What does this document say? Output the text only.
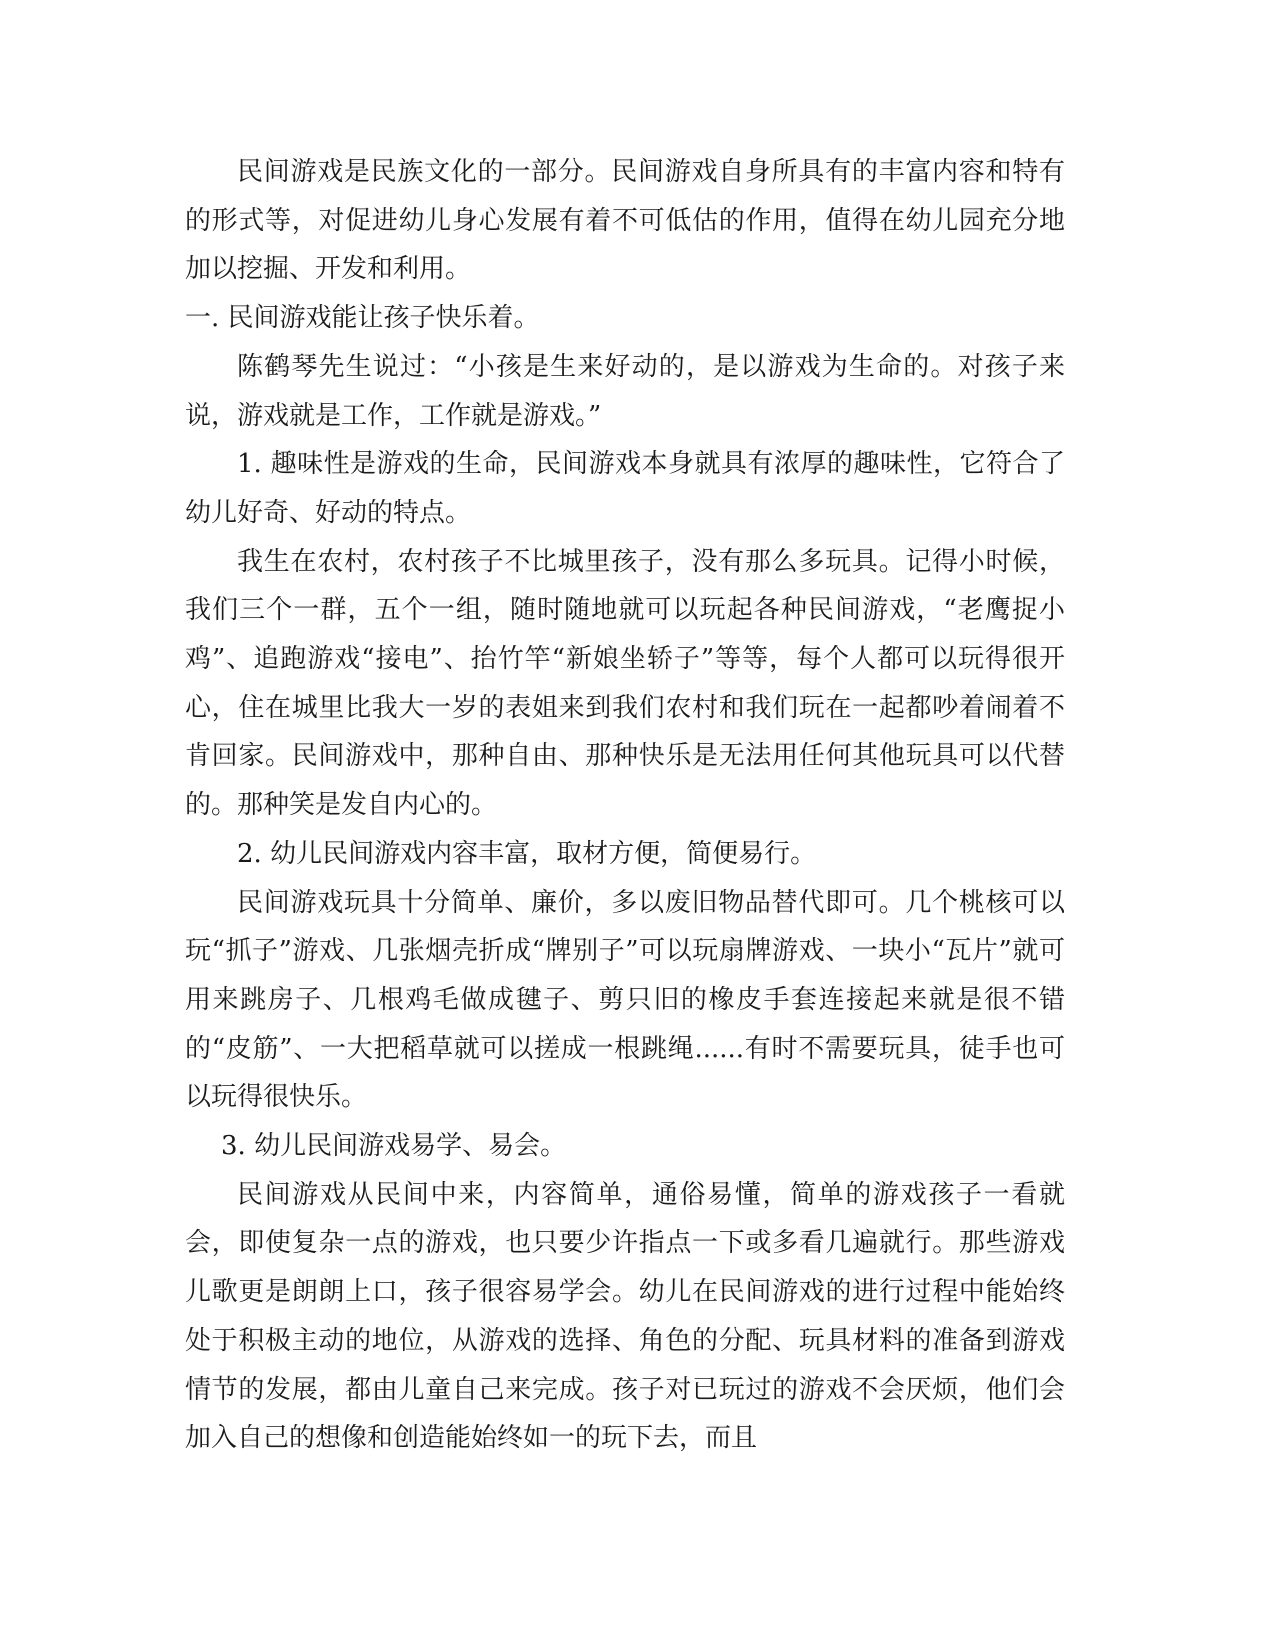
民间游戏是民族文化的一部分。民间游戏自身所具有的丰富内容和特有的形式等，对促进幼儿身心发展有着不可低估的作用，值得在幼儿园充分地加以挖掘、开发和利用。

一. 民间游戏能让孩子快乐着。

陈鹤琴先生说过：“小孩是生来好动的，是以游戏为生命的。对孩子来说，游戏就是工作，工作就是游戏。”

1. 趣味性是游戏的生命，民间游戏本身就具有浓厚的趣味性，它符合了幼儿好奇、好动的特点。

我生在农村，农村孩子不比城里孩子，没有那么多玩具。记得小时候，我们三个一群，五个一组，随时随地就可以玩起各种民间游戏，“老鹰捉小鸡”、追跑游戏“接电”、抬竹竿“新娘坐轿子”等等，每个人都可以玩得很开心，住在城里比我大一岁的表姐来到我们农村和我们玩在一起都吵着闹着不肯回家。民间游戏中，那种自由、那种快乐是无法用任何其他玩具可以代替的。那种笑是发自内心的。

2. 幼儿民间游戏内容丰富，取材方便，简便易行。

民间游戏玩具十分简单、廉价，多以废旧物品替代即可。几个桃核可以玩“抓子”游戏、几张烟壳折成“牌别子”可以玩扇牌游戏、一块小“瓦片”就可用来跳房子、几根鸡毛做成毽子、剪只旧的橡皮手套连接起来就是很不错的“皮筋”、一大把稻草就可以搓成一根跳绳......有时不需要玩具，徒手也可以玩得很快乐。

3. 幼儿民间游戏易学、易会。

民间游戏从民间中来，内容简单，通俗易懂，简单的游戏孩子一看就会，即使复杂一点的游戏，也只要少许指点一下或多看几遍就行。那些游戏儿歌更是朗朗上口，孩子很容易学会。幼儿在民间游戏的进行过程中能始终处于积极主动的地位，从游戏的选择、角色的分配、玩具材料的准备到游戏情节的发展，都由儿童自己来完成。孩子对已玩过的游戏不会厌烦，他们会加入自己的想像和创造能始终如一的玩下去，而且
